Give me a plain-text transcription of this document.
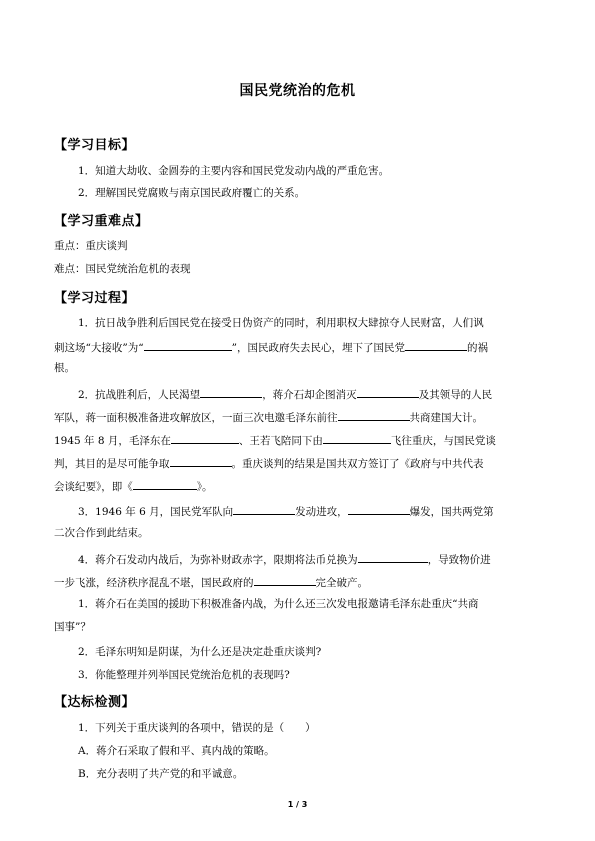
国民党统治的危机
【学习目标】
1．知道大劫收、金圆券的主要内容和国民党发动内战的严重危害。
2．理解国民党腐败与南京国民政府覆亡的关系。
【学习重难点】
重点：重庆谈判
难点：国民党统治危机的表现
【学习过程】
1．抗日战争胜利后国民党在接受日伪资产的同时，利用职权大肆掠夺人民财富，人们讽
刺这场“大接收”为“	”，国民政府失去民心，埋下了国民党	的祸
根。
2．抗战胜利后，人民渴望	，蒋介石却企图消灭	及其领导的人民
军队，蒋一面积极准备进攻解放区，一面三次电邀毛泽东前往	共商建国大计。
1945 年 8 月，毛泽东在	、王若飞陪同下由	飞往重庆，与国民党谈
判，其目的是尽可能争取	。重庆谈判的结果是国共双方签订了《政府与中共代表
会谈纪要》，即《	》。
3．1946 年 6 月，国民党军队向	发动进攻，	爆发，国共两党第
二次合作到此结束。
4．蒋介石发动内战后，为弥补财政赤字，限期将法币兑换为	，导致物价进
一步飞涨，经济秩序混乱不堪，国民政府的	完全破产。
1．蒋介石在美国的援助下积极准备内战，为什么还三次发电报邀请毛泽东赴重庆“共商
国事”？
2．毛泽东明知是阴谋，为什么还是决定赴重庆谈判?
3．你能整理并列举国民党统治危机的表现吗?
【达标检测】
1．下列关于重庆谈判的各项中，错误的是（　　）
A．蒋介石采取了假和平、真内战的策略。
B．充分表明了共产党的和平诚意。
1 / 3
